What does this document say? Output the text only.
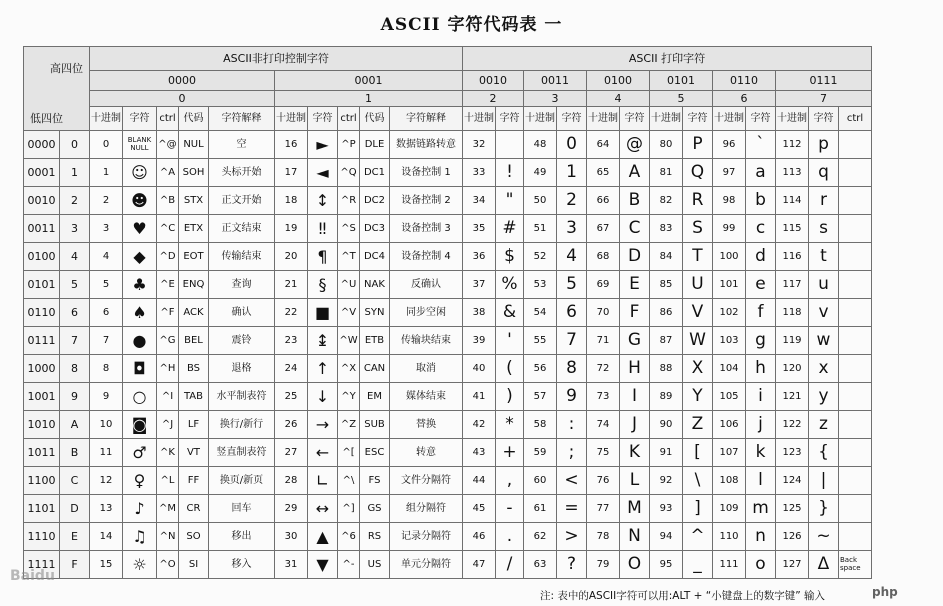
ASCII 字符代码表 一
高四位
低四位		ASCII非打印控制字符										ASCII 打印字符												
		0000					0001					0010		0011		0100		0101		0110		0111		
		0					1					2		3		4		5		6		7		
		十进制	字符	ctrl	代码	字符解释	十进制	字符	ctrl	代码	字符解释	十进制	字符	十进制	字符	十进制	字符	十进制	字符	十进制	字符	十进制	字符	ctrl
0000	0	0	BLANK NULL	^@	NUL	空	16	►	^P	DLE	数据链路转意	32		48	0	64	@	80	P	96	`	112	p	
0001	1	1	☺	^A	SOH	头标开始	17	◄	^Q	DC1	设备控制 1	33	!	49	1	65	A	81	Q	97	a	113	q	
0010	2	2	☻	^B	STX	正文开始	18	↕	^R	DC2	设备控制 2	34	"	50	2	66	B	82	R	98	b	114	r	
0011	3	3	♥	^C	ETX	正文结束	19	‼	^S	DC3	设备控制 3	35	#	51	3	67	C	83	S	99	c	115	s	
0100	4	4	◆	^D	EOT	传输结束	20	¶	^T	DC4	设备控制 4	36	$	52	4	68	D	84	T	100	d	116	t	
0101	5	5	♣	^E	ENQ	查询	21	§	^U	NAK	反确认	37	%	53	5	69	E	85	U	101	e	117	u	
0110	6	6	♠	^F	ACK	确认	22	■	^V	SYN	同步空闲	38	&	54	6	70	F	86	V	102	f	118	v	
0111	7	7	●	^G	BEL	震铃	23	↨	^W	ETB	传输块结束	39	'	55	7	71	G	87	W	103	g	119	w	
1000	8	8	◘	^H	BS	退格	24	↑	^X	CAN	取消	40	(	56	8	72	H	88	X	104	h	120	x	
1001	9	9	○	^I	TAB	水平制表符	25	↓	^Y	EM	媒体结束	41	)	57	9	73	I	89	Y	105	i	121	y	
1010	A	10	◙	^J	LF	换行/新行	26	→	^Z	SUB	替换	42	*	58	:	74	J	90	Z	106	j	122	z	
1011	B	11	♂	^K	VT	竖直制表符	27	←	^[	ESC	转意	43	+	59	;	75	K	91	[	107	k	123	{	
1100	C	12	♀	^L	FF	换页/新页	28	∟	^\	FS	文件分隔符	44	,	60	<	76	L	92	\	108	l	124	|	
1101	D	13	♪	^M	CR	回车	29	↔	^]	GS	组分隔符	45	-	61	=	77	M	93	]	109	m	125	}	
1110	E	14	♫	^N	SO	移出	30	▲	^6	RS	记录分隔符	46	.	62	>	78	N	94	^	110	n	126	~	
1111	F	15	☼	^O	SI	移入	31	▼	^-	US	单元分隔符	47	/	63	?	79	O	95	_	111	o	127	Δ	Back space
注: 表中的ASCII字符可以用:ALT + “小键盘上的数字键” 输入
Baidu
php
